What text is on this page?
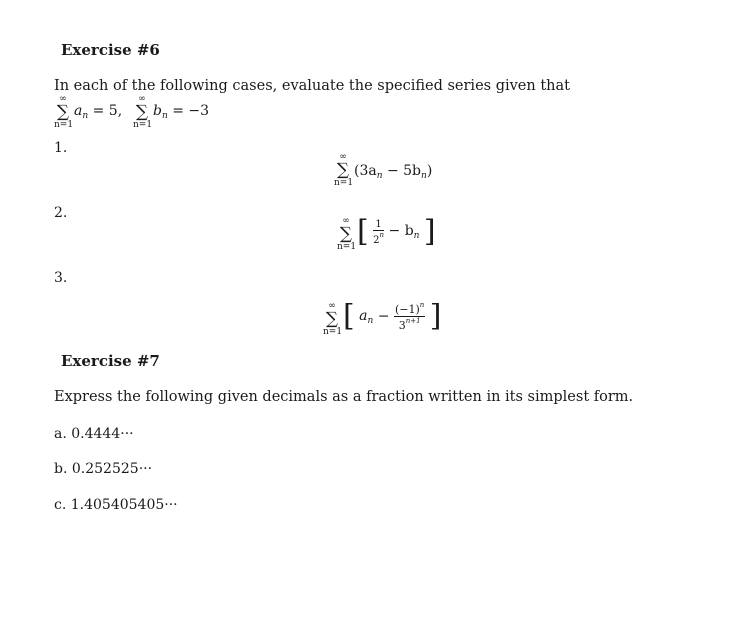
Exercise #6
In each of the following cases, evaluate the specified series given that
∞
∑
n=1
$a_n = 5$,
∞
∑
n=1
$b_n = -3$
1.
∞
∑
n=1
$(3a_n - 5b_n)$
2.	∞
∑
n=1 [ $\frac{1}{2^n} - b_n$ ]
3.
∞
∑
n=1 [ $a_n - \frac{(-1)^n}{3^{n+1}}$ ]
Exercise #7
Express the following given decimals as a fraction written in its simplest form.
a. 0.4444···
b. 0.252525···
c. 1.405405405···
